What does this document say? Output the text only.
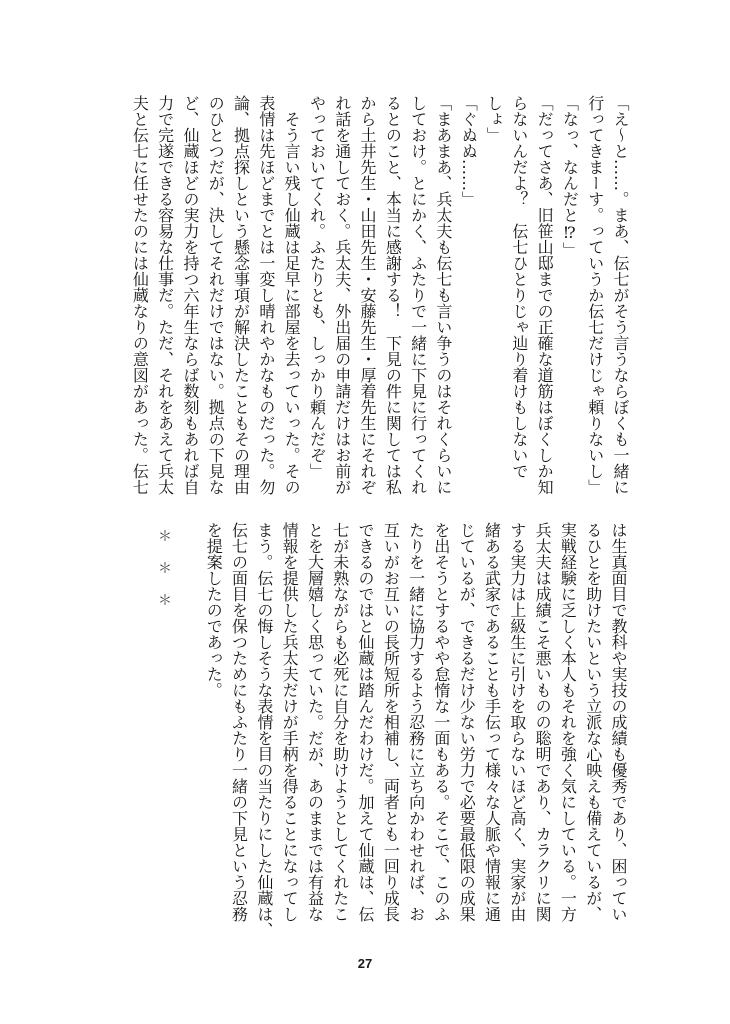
「え〜と……。まあ、伝七がそう言うならぼくも一緒に
行ってきまーす。っていうか伝七だけじゃ頼りないし」
「なっ、なんだと⁉」
「だってさあ、旧笹山邸までの正確な道筋はぼくしか知
らないんだよ？　伝七ひとりじゃ辿り着けもしないで
しょ」
「ぐぬぬ……」
「まあまあ、兵太夫も伝七も言い争うのはそれくらいに
しておけ。とにかく、ふたりで一緒に下見に行ってくれ
るとのこと、本当に感謝する！　下見の件に関しては私
から土井先生・山田先生・安藤先生・厚着先生にそれぞ
れ話を通しておく。兵太夫、外出届の申請だけはお前が
やっておいてくれ。ふたりとも、しっかり頼んだぞ」
　そう言い残し仙蔵は足早に部屋を去っていった。その
表情は先ほどまでとは一変し晴れやかなものだった。勿
論、拠点探しという懸念事項が解決したこともその理由
のひとつだが、決してそれだけではない。拠点の下見な
ど、仙蔵ほどの実力を持つ六年生ならば数刻もあれば自
力で完遂できる容易な仕事だ。ただ、それをあえて兵太
夫と伝七に任せたのには仙蔵なりの意図があった。伝七
は生真面目で教科や実技の成績も優秀であり、困ってい
るひとを助けたいという立派な心映えも備えているが、
実戦経験に乏しく本人もそれを強く気にしている。一方
兵太夫は成績こそ悪いものの聡明であり、カラクリに関
する実力は上級生に引けを取らないほど高く、実家が由
緒ある武家であることも手伝って様々な人脈や情報に通
じているが、できるだけ少ない労力で必要最低限の成果
を出そうとするやや怠惰な一面もある。そこで、このふ
たりを一緒に協力するよう忍務に立ち向かわせれば、お
互いがお互いの長所短所を相補し、両者とも一回り成長
できるのではと仙蔵は踏んだわけだ。加えて仙蔵は、伝
七が未熟ながらも必死に自分を助けようとしてくれたこ
とを大層嬉しく思っていた。だが、あのままでは有益な
情報を提供した兵太夫だけが手柄を得ることになってし
まう。伝七の悔しそうな表情を目の当たりにした仙蔵は、
伝七の面目を保つためにもふたり一緒の下見という忍務
を提案したのであった。
＊
＊
＊
27
